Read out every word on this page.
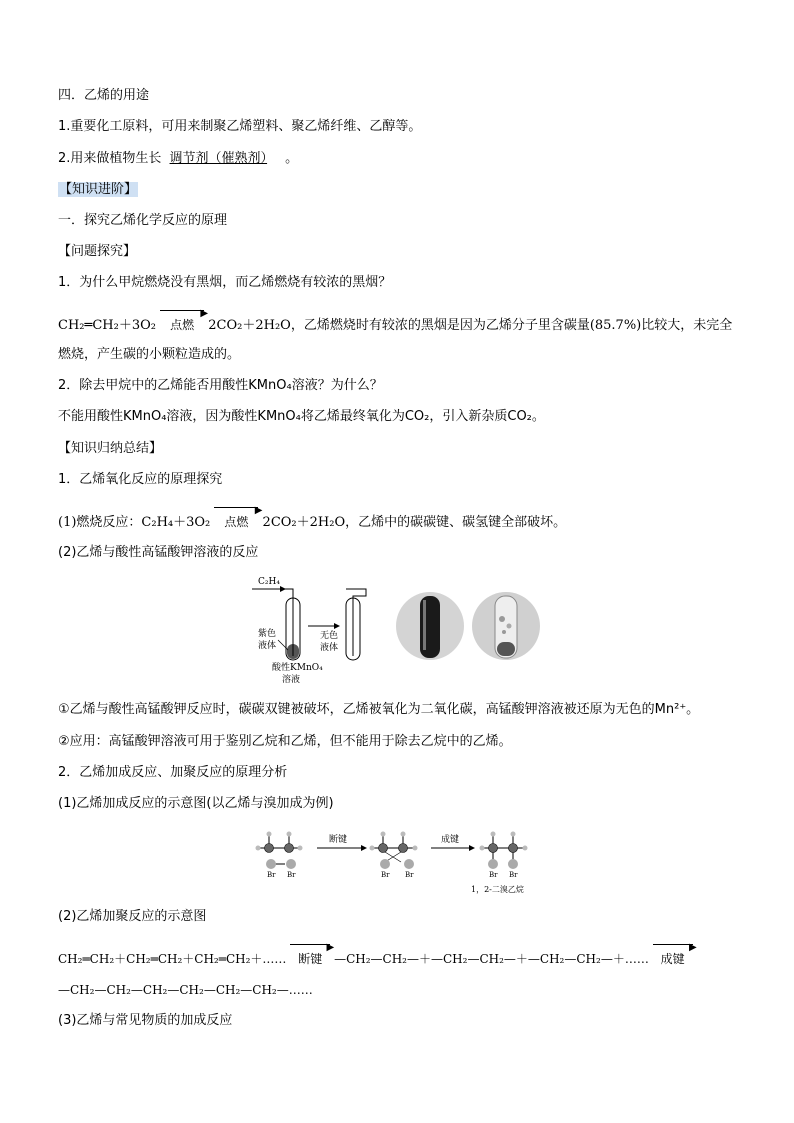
四．乙烯的用途
1.重要化工原料，可用来制聚乙烯塑料、聚乙烯纤维、乙醇等。
2.用来做植物生长 调节剂（催熟剂） 。
【知识进阶】
一．探究乙烯化学反应的原理
【问题探究】
1．为什么甲烷燃烧没有黑烟，而乙烯燃烧有较浓的黑烟？
CH₂═CH₂＋3O₂
▶
点燃 2CO₂＋2H₂O，乙烯燃烧时有较浓的黑烟是因为乙烯分子里含碳量(85.7%)比较大，未完全
燃烧，产生碳的小颗粒造成的。
2．除去甲烷中的乙烯能否用酸性KMnO₄溶液？为什么？
不能用酸性KMnO₄溶液，因为酸性KMnO₄将乙烯最终氧化为CO₂，引入新杂质CO₂。
【知识归纳总结】
1．乙烯氧化反应的原理探究
(1)燃烧反应：C₂H₄＋3O₂
▶
点燃 2CO₂＋2H₂O，乙烯中的碳碳键、碳氢键全部破坏。
(2)乙烯与酸性高锰酸钾溶液的反应
C₂H₄
紫色
液体
酸性KMnO₄
溶液
无色
液体
①乙烯与酸性高锰酸钾反应时，碳碳双键被破坏，乙烯被氧化为二氧化碳，高锰酸钾溶液被还原为无色的Mn²⁺。
②应用：高锰酸钾溶液可用于鉴别乙烷和乙烯，但不能用于除去乙烷中的乙烯。
2．乙烯加成反应、加聚反应的原理分析
(1)乙烯加成反应的示意图(以乙烯与溴加成为例)
Br Br
断键
Br Br
成键
Br Br
1，2-二溴乙烷
(2)乙烯加聚反应的示意图
CH₂═CH₂＋CH₂═CH₂＋CH₂═CH₂＋……
▶
断键 —CH₂—CH₂—＋—CH₂—CH₂—＋—CH₂—CH₂—＋……
▶
成键
—CH₂—CH₂—CH₂—CH₂—CH₂—CH₂—……
(3)乙烯与常见物质的加成反应
